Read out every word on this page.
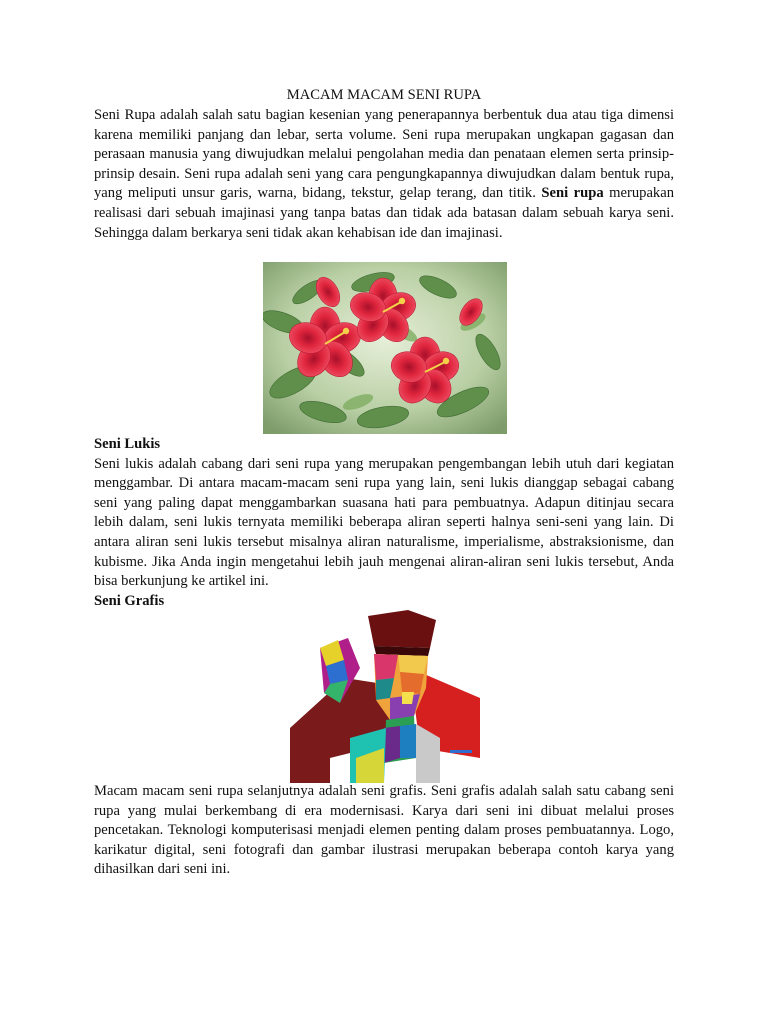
MACAM MACAM SENI RUPA

Seni Rupa adalah salah satu bagian kesenian yang penerapannya berbentuk dua atau tiga dimensi karena memiliki panjang dan lebar, serta volume. Seni rupa merupakan ungkapan gagasan dan perasaan manusia yang diwujudkan melalui pengolahan media dan penataan elemen serta prinsip-prinsip desain. Seni rupa adalah seni yang cara pengungkapannya diwujudkan dalam bentuk rupa, yang meliputi unsur garis, warna, bidang, tekstur, gelap terang, dan titik. Seni rupa merupakan realisasi dari sebuah imajinasi yang tanpa batas dan tidak ada batasan dalam sebuah karya seni. Sehingga dalam berkarya seni tidak akan kehabisan ide dan imajinasi.

Seni Lukis

Seni lukis adalah cabang dari seni rupa yang merupakan pengembangan lebih utuh dari kegiatan menggambar. Di antara macam-macam seni rupa yang lain, seni lukis dianggap sebagai cabang seni yang paling dapat menggambarkan suasana hati para pembuatnya. Adapun ditinjau secara lebih dalam, seni lukis ternyata memiliki beberapa aliran seperti halnya seni-seni yang lain. Di antara aliran seni lukis tersebut misalnya aliran naturalisme, imperialisme, abstraksionisme, dan kubisme. Jika Anda ingin mengetahui lebih jauh mengenai aliran-aliran seni lukis tersebut, Anda bisa berkunjung ke artikel ini.

Seni Grafis

Macam macam seni rupa selanjutnya adalah seni grafis. Seni grafis adalah salah satu cabang seni rupa yang mulai berkembang di era modernisasi. Karya dari seni ini dibuat melalui proses pencetakan. Teknologi komputerisasi menjadi elemen penting dalam proses pembuatannya. Logo, karikatur digital, seni fotografi dan gambar ilustrasi merupakan beberapa contoh karya yang dihasilkan dari seni ini.
